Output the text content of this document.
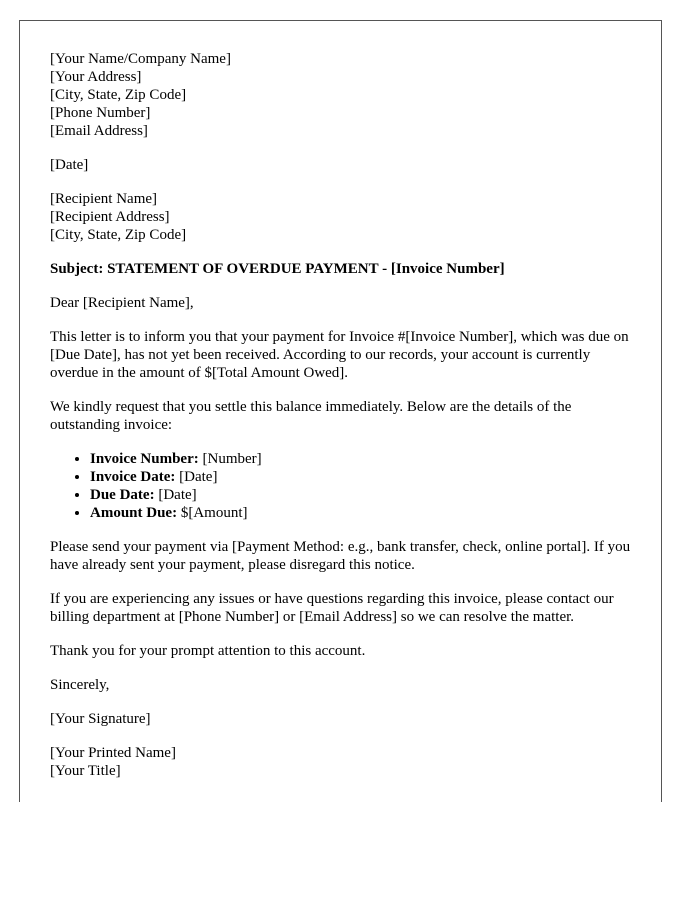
[Your Name/Company Name]
[Your Address]
[City, State, Zip Code]
[Phone Number]
[Email Address]
[Date]
[Recipient Name]
[Recipient Address]
[City, State, Zip Code]
Subject: STATEMENT OF OVERDUE PAYMENT - [Invoice Number]

Dear [Recipient Name],

This letter is to inform you that your payment for Invoice #[Invoice Number], which was due on [Due Date], has not yet been received. According to our records, your account is currently overdue in the amount of $[Total Amount Owed].

We kindly request that you settle this balance immediately. Below are the details of the outstanding invoice:

• Invoice Number: [Number]
• Invoice Date: [Date]
• Due Date: [Date]
• Amount Due: $[Amount]

Please send your payment via [Payment Method: e.g., bank transfer, check, online portal]. If you have already sent your payment, please disregard this notice.

If you are experiencing any issues or have questions regarding this invoice, please contact our billing department at [Phone Number] or [Email Address] so we can resolve the matter.

Thank you for your prompt attention to this account.

Sincerely,

[Your Signature]

[Your Printed Name]
[Your Title]
